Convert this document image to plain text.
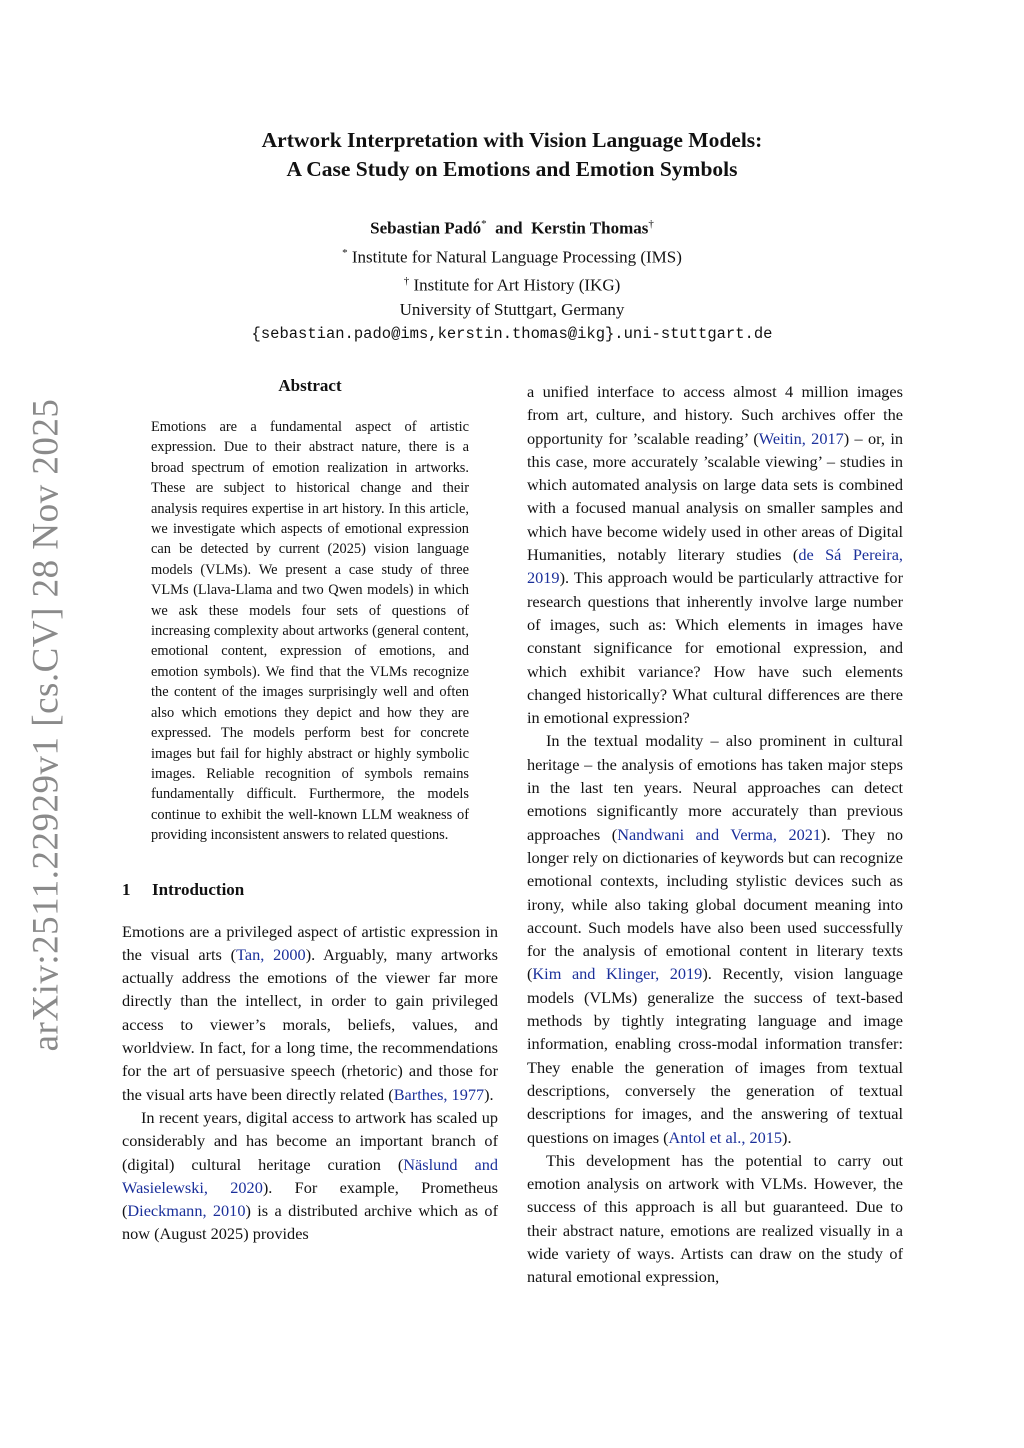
arXiv:2511.22929v1 [cs.CV] 28 Nov 2025
Artwork Interpretation with Vision Language Models:
A Case Study on Emotions and Emotion Symbols
Sebastian Padó* and Kerstin Thomas†
* Institute for Natural Language Processing (IMS)
† Institute for Art History (IKG)
University of Stuttgart, Germany
{sebastian.pado@ims,kerstin.thomas@ikg}.uni-stuttgart.de
Abstract
Emotions are a fundamental aspect of artistic expression. Due to their abstract nature, there is a broad spectrum of emotion realization in artworks. These are subject to historical change and their analysis requires expertise in art history. In this article, we investigate which aspects of emotional expression can be detected by current (2025) vision language models (VLMs). We present a case study of three VLMs (Llava-Llama and two Qwen models) in which we ask these models four sets of questions of increasing complexity about artworks (general content, emotional content, expression of emotions, and emotion symbols). We find that the VLMs recognize the content of the images surprisingly well and often also which emotions they depict and how they are expressed. The models perform best for concrete images but fail for highly abstract or highly symbolic images. Reliable recognition of symbols remains fundamentally difficult. Furthermore, the models continue to exhibit the well-known LLM weakness of providing inconsistent answers to related questions.
1 Introduction

Emotions are a privileged aspect of artistic expression in the visual arts (Tan, 2000). Arguably, many artworks actually address the emotions of the viewer far more directly than the intellect, in order to gain privileged access to viewer’s morals, beliefs, values, and worldview. In fact, for a long time, the recommendations for the art of persuasive speech (rhetoric) and those for the visual arts have been directly related (Barthes, 1977).

In recent years, digital access to artwork has scaled up considerably and has become an important branch of (digital) cultural heritage curation (Näslund and Wasielewski, 2020). For example, Prometheus (Dieckmann, 2010) is a distributed archive which as of now (August 2025) provides

a unified interface to access almost 4 million images from art, culture, and history. Such archives offer the opportunity for ’scalable reading’ (Weitin, 2017) – or, in this case, more accurately ’scalable viewing’ – studies in which automated analysis on large data sets is combined with a focused manual analysis on smaller samples and which have become widely used in other areas of Digital Humanities, notably literary studies (de Sá Pereira, 2019). This approach would be particularly attractive for research questions that inherently involve large number of images, such as: Which elements in images have constant significance for emotional expression, and which exhibit variance? How have such elements changed historically? What cultural differences are there in emotional expression?

In the textual modality – also prominent in cultural heritage – the analysis of emotions has taken major steps in the last ten years. Neural approaches can detect emotions significantly more accurately than previous approaches (Nandwani and Verma, 2021). They no longer rely on dictionaries of keywords but can recognize emotional contexts, including stylistic devices such as irony, while also taking global document meaning into account. Such models have also been used successfully for the analysis of emotional content in literary texts (Kim and Klinger, 2019). Recently, vision language models (VLMs) generalize the success of text-based methods by tightly integrating language and image information, enabling cross-modal information transfer: They enable the generation of images from textual descriptions, conversely the generation of textual descriptions for images, and the answering of textual questions on images (Antol et al., 2015).

This development has the potential to carry out emotion analysis on artwork with VLMs. However, the success of this approach is all but guaranteed. Due to their abstract nature, emotions are realized visually in a wide variety of ways. Artists can draw on the study of natural emotional expression,
